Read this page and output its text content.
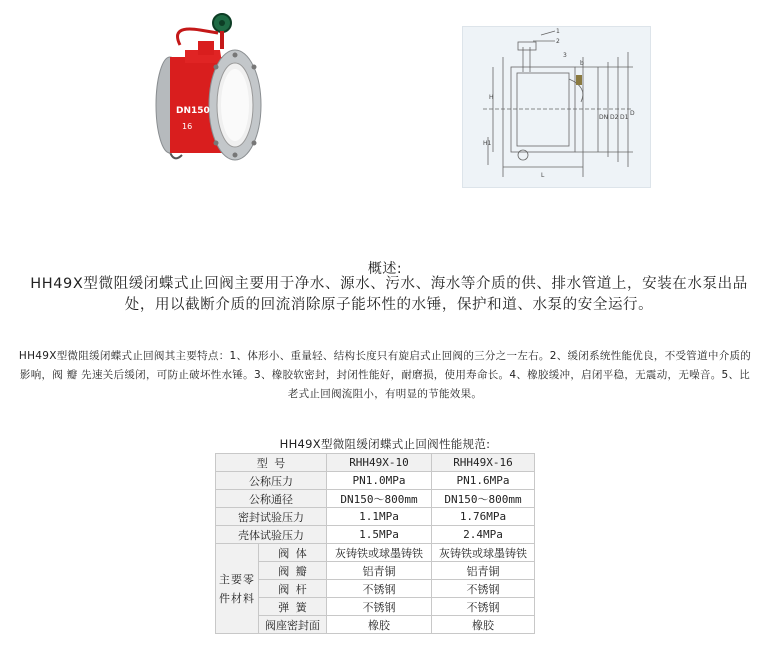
DN150
16
1
2
3
H
H1
L
b
D
D1
DN D2
概述:
HH49X型微阻缓闭蝶式止回阀主要用于净水、源水、污水、海水等介质的供、排水管道上，安装在水泵出品处，用以截断介质的回流消除原子能坏性的水锤，保护和道、水泵的安全运行。
HH49X型微阻缓闭蝶式止回阀其主要特点：1、体形小、重量轻、结构长度只有旋启式止回阀的三分之一左右。2、缓闭系统性能优良，不受管道中介质的影响，阀 瓣 先速关后缓闭，可防止破坏性水锤。3、橡胶软密封，封闭性能好，耐磨损，使用寿命长。4、橡胶缓冲，启闭平稳，无震动，无噪音。5、比老式止回阀流阻小，有明显的节能效果。
HH49X型微阻缓闭蝶式止回阀性能规范:
型 号		RHH49X-10	RHH49X-16
公称压力		PN1.0MPa	PN1.6MPa
公称通径		DN150～800mm	DN150～800mm
密封试验压力		1.1MPa	1.76MPa
壳体试验压力		1.5MPa	2.4MPa
主要零件材料	阀 体	灰铸铁或球墨铸铁	灰铸铁或球墨铸铁
	阀 瓣	铝青铜	铝青铜
	阀 杆	不锈钢	不锈钢
	弹 簧	不锈钢	不锈钢
	阀座密封面	橡胶	橡胶
